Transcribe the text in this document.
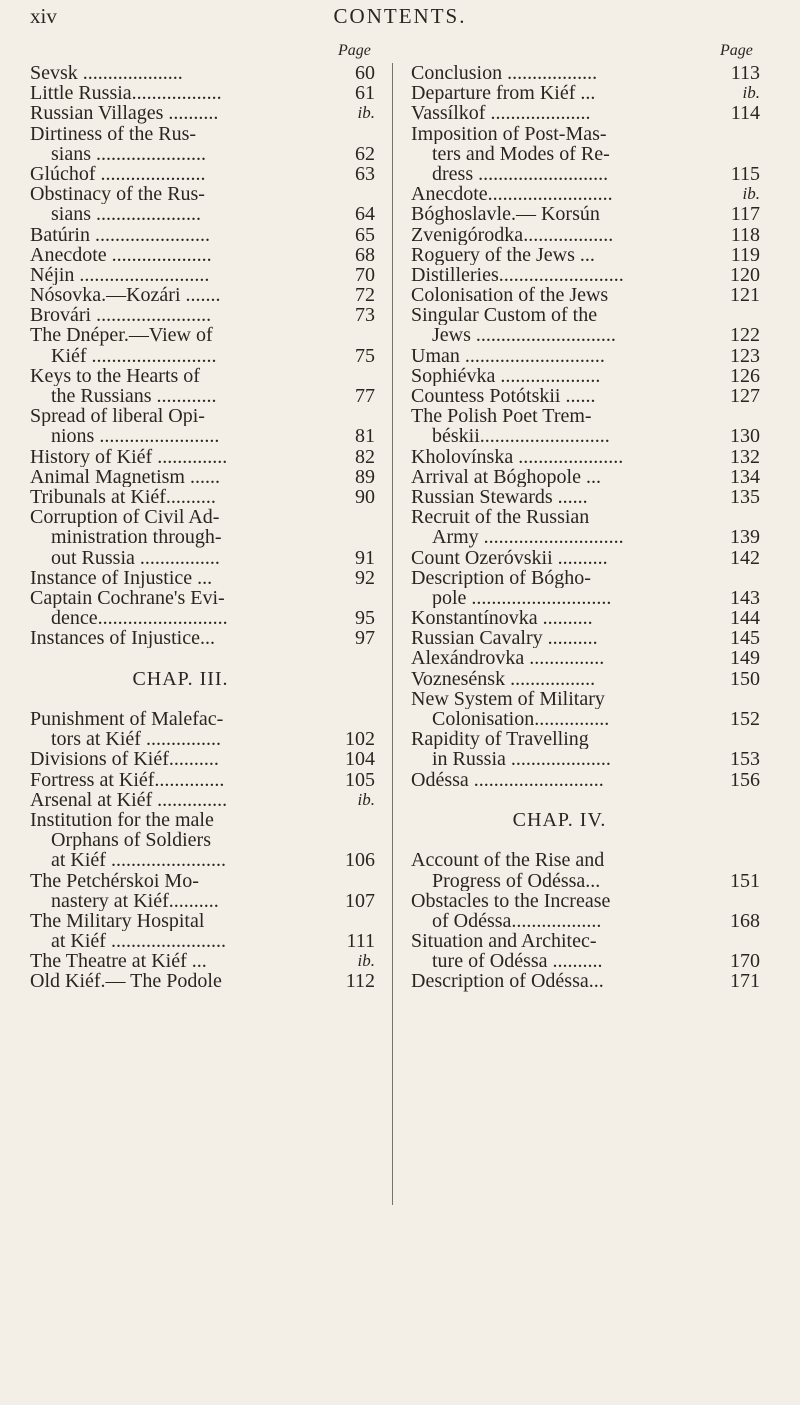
xiv	CONTENTS.
Page	Page
Sevsk ....................
Little Russia..................
Russian Villages ..........
Dirtiness of the Rus-
sians ......................
Glúchof .....................
Obstinacy of the Rus-
sians .....................
Batúrin .......................
Anecdote ....................
Néjin ..........................
Nósovka.—Kozári .......
Brovári .......................
The Dnéper.—View of
Kiéf .........................
Keys to the Hearts of
the Russians ............
Spread of liberal Opi-
nions ........................
History of Kiéf ..............
Animal Magnetism ......
Tribunals at Kiéf..........
Corruption of Civil Ad-
ministration through-
out Russia ................
Instance of Injustice ...
Captain Cochrane's Evi-
dence..........................
Instances of Injustice...
CHAP. III.
Punishment of Malefac-
tors at Kiéf ...............
Divisions of Kiéf..........
Fortress at Kiéf..............
Arsenal at Kiéf ..............
Institution for the male
Orphans of Soldiers
at Kiéf .......................
The Petchérskoi Mo-
nastery at Kiéf..........
The Military Hospital
at Kiéf .......................
The Theatre at Kiéf ...
Old Kiéf.— The Podole
60
61
ib.
62
63
64
65
68
70
72
73
75
77
81
82
89
90
91
92
95
97
102
104
105
ib.
106
107
111
ib.
112
Conclusion ..................
Departure from Kiéf ...
Vassílkof ....................
Imposition of Post-Mas-
ters and Modes of Re-
dress ..........................
Anecdote.........................
Bóghoslavle.— Korsún
Zvenigórodka..................
Roguery of the Jews ...
Distilleries.........................
Colonisation of the Jews
Singular Custom of the
Jews ............................
Uman ............................
Sophiévka ....................
Countess Potótskii ......
The Polish Poet Trem-
béskii..........................
Kholovínska .....................
Arrival at Bóghopole ...
Russian Stewards ......
Recruit of the Russian
Army ............................
Count Ozeróvskii ..........
Description of Bógho-
pole ............................
Konstantínovka ..........
Russian Cavalry ..........
Alexándrovka ...............
Voznesénsk .................
New System of Military
Colonisation...............
Rapidity of Travelling
in Russia ....................
Odéssa ..........................
CHAP. IV.
Account of the Rise and
Progress of Odéssa...
Obstacles to the Increase
of Odéssa..................
Situation and Architec-
ture of Odéssa ..........
Description of Odéssa...
113
ib.
114
115
ib.
117
118
119
120
121
122
123
126
127
130
132
134
135
139
142
143
144
145
149
150
152
153
156
151
168
170
171
